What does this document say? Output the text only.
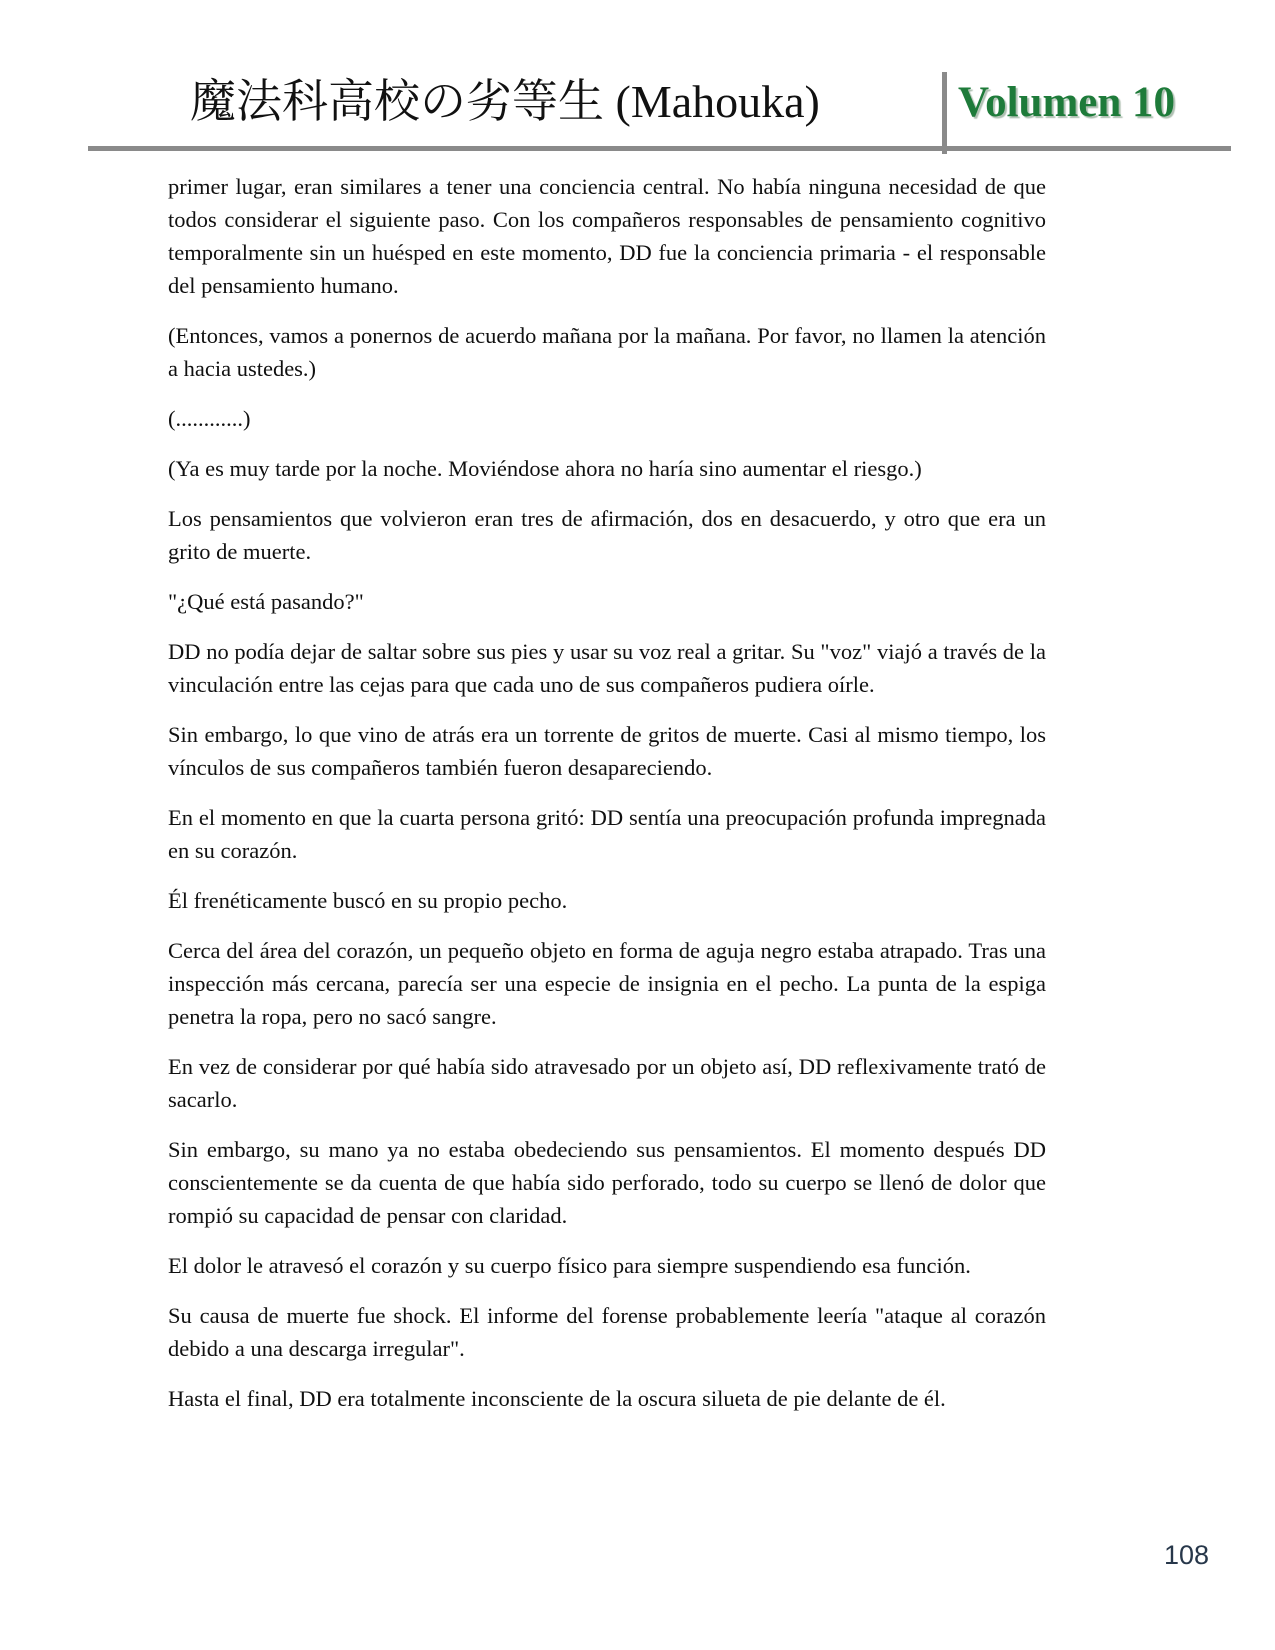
魔法科高校の劣等生 (Mahouka)	Volumen 10

primer lugar, eran similares a tener una conciencia central. No había ninguna necesidad de que todos considerar el siguiente paso. Con los compañeros responsables de pensamiento cognitivo temporalmente sin un huésped en este momento, DD fue la conciencia primaria - el responsable del pensamiento humano.

(Entonces, vamos a ponernos de acuerdo mañana por la mañana. Por favor, no llamen la atención a hacia ustedes.)

(............)

(Ya es muy tarde por la noche. Moviéndose ahora no haría sino aumentar el riesgo.)

Los pensamientos que volvieron eran tres de afirmación, dos en desacuerdo, y otro que era un grito de muerte.

"¿Qué está pasando?"

DD no podía dejar de saltar sobre sus pies y usar su voz real a gritar. Su "voz" viajó a través de la vinculación entre las cejas para que cada uno de sus compañeros pudiera oírle.

Sin embargo, lo que vino de atrás era un torrente de gritos de muerte. Casi al mismo tiempo, los vínculos de sus compañeros también fueron desapareciendo.

En el momento en que la cuarta persona gritó: DD sentía una preocupación profunda impregnada en su corazón.

Él frenéticamente buscó en su propio pecho.

Cerca del área del corazón, un pequeño objeto en forma de aguja negro estaba atrapado. Tras una inspección más cercana, parecía ser una especie de insignia en el pecho. La punta de la espiga penetra la ropa, pero no sacó sangre.

En vez de considerar por qué había sido atravesado por un objeto así, DD reflexivamente trató de sacarlo.

Sin embargo, su mano ya no estaba obedeciendo sus pensamientos. El momento después DD conscientemente se da cuenta de que había sido perforado, todo su cuerpo se llenó de dolor que rompió su capacidad de pensar con claridad.

El dolor le atravesó el corazón y su cuerpo físico para siempre suspendiendo esa función.

Su causa de muerte fue shock. El informe del forense probablemente leería "ataque al corazón debido a una descarga irregular".

Hasta el final, DD era totalmente inconsciente de la oscura silueta de pie delante de él.

108
